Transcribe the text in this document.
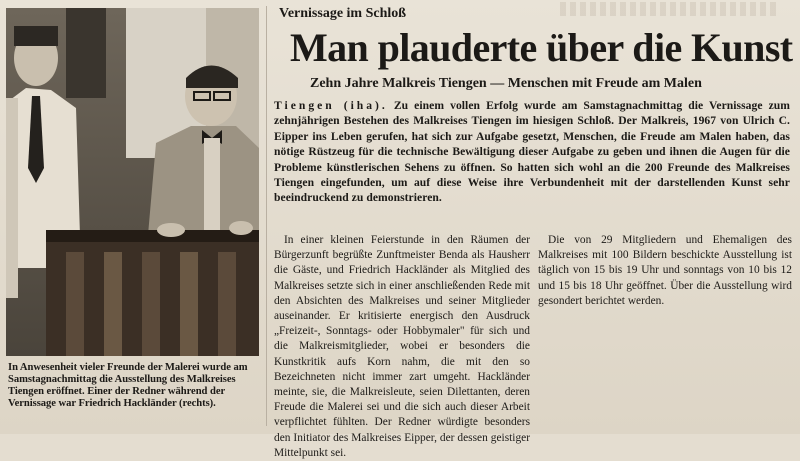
In Anwesenheit vieler Freunde der Malerei wurde am Samstagnachmittag die Ausstellung des Malkreises Tiengen eröffnet. Einer der Redner während der Vernissage war Friedrich Hackländer (rechts).
Vernissage im Schloß
Man plauderte über die Kunst
Zehn Jahre Malkreis Tiengen — Menschen mit Freude am Malen
Tiengen (iha). Zu einem vollen Erfolg wurde am Samstagnachmittag die Vernissage zum zehnjährigen Bestehen des Malkreises Tiengen im hiesigen Schloß. Der Malkreis, 1967 von Ulrich C. Eipper ins Leben gerufen, hat sich zur Aufgabe gesetzt, Menschen, die Freude am Malen haben, das nötige Rüstzeug für die technische Bewältigung dieser Aufgabe zu geben und ihnen die Augen für die Probleme künstlerischen Sehens zu öffnen. So hatten sich wohl an die 200 Freunde des Malkreises Tiengen eingefunden, um auf diese Weise ihre Verbundenheit mit der darstellenden Kunst sehr beeindruckend zu demonstrieren.
In einer kleinen Feierstunde in den Räumen der Bürgerzunft begrüßte Zunftmeister Benda als Hausherr die Gäste, und Friedrich Hackländer als Mitglied des Malkreises setzte sich in einer anschließenden Rede mit den Absichten des Malkreises und seiner Mitglieder auseinander. Er kritisierte energisch den Ausdruck „Freizeit-, Sonntags- oder Hobbymaler" für sich und die Malkreismitglieder, wobei er besonders die Kunstkritik aufs Korn nahm, die mit den so Bezeichneten nicht immer zart umgeht. Hackländer meinte, sie, die Malkreisleute, seien Dilettanten, deren Freude die Malerei sei und die sich auch dieser Arbeit verpflichtet fühlten. Der Redner würdigte besonders den Initiator des Malkreises Eipper, der dessen geistiger Mittelpunkt sei.
Die von 29 Mitgliedern und Ehemaligen des Malkreises mit 100 Bildern beschickte Ausstellung ist täglich von 15 bis 19 Uhr und sonntags von 10 bis 12 und 15 bis 18 Uhr geöffnet. Über die Ausstellung wird gesondert berichtet werden.
